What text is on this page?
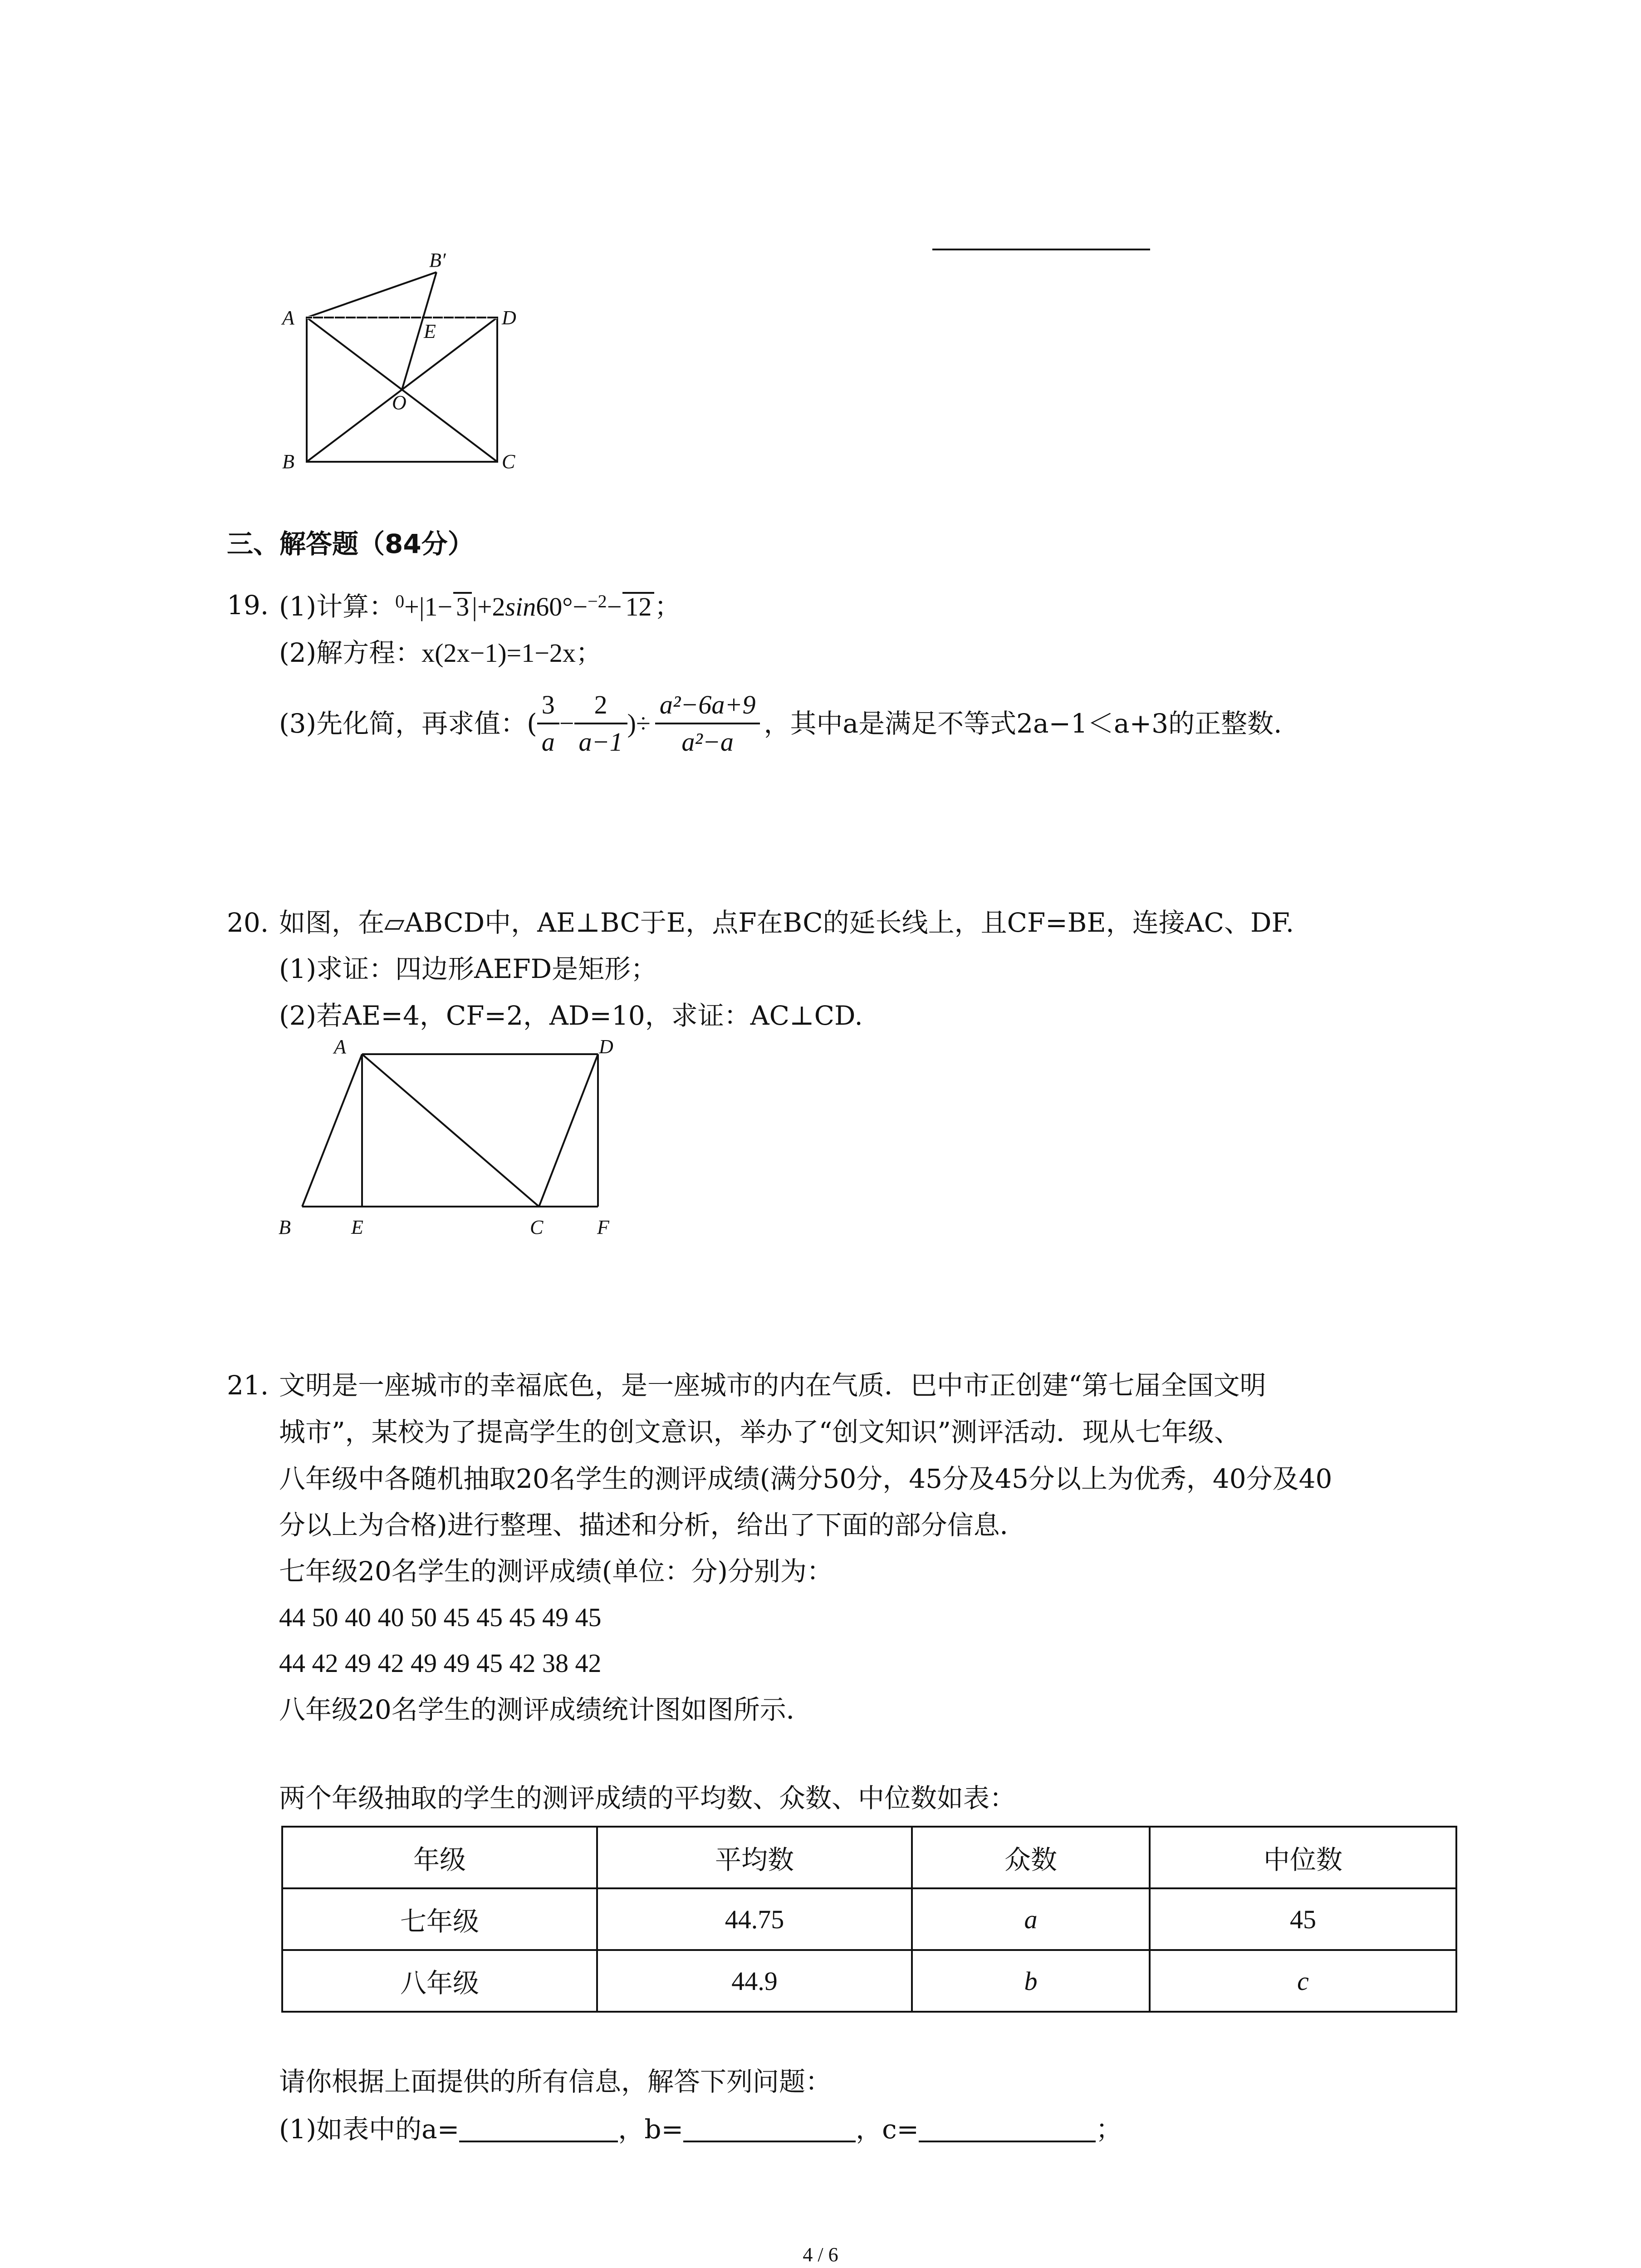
B′
A	D
E
O
B	C
三、解答题（84分）
19. (1)计算：$^0$+|1− 3 |+2sin60°−$^{-2}$− 12 ；
(2)解方程：x(2x−1)=1−2x；
(3)先化简，再求值：( $\frac{3}{a} - \frac{2}{a-1}$ )÷ $\frac{\text{a²−6a+9}}{\text{a²−a}}$ ，其中a是满足不等式2a−1＜a+3的正整数.
20. 如图，在▱ABCD中，AE⊥BC于E，点F在BC的延长线上，且CF=BE，连接AC、DF.
(1)求证：四边形AEFD是矩形；
(2)若AE=4，CF=2，AD=10，求证：AC⊥CD.
A	D
B	E	C	F
21. 文明是一座城市的幸福底色，是一座城市的内在气质．巴中市正创建“第七届全国文明
城市”，某校为了提高学生的创文意识，举办了“创文知识”测评活动．现从七年级、
八年级中各随机抽取20名学生的测评成绩(满分50分，45分及45分以上为优秀，40分及40
分以上为合格)进行整理、描述和分析，给出了下面的部分信息．
七年级20名学生的测评成绩(单位：分)分别为：
44 50 40 40 50 45 45 45 49 45
44 42 49 42 49 49 45 42 38 42
八年级20名学生的测评成绩统计图如图所示．
两个年级抽取的学生的测评成绩的平均数、众数、中位数如表：
年级	平均数	众数	中位数
七年级	44.75	a	45
八年级	44.9	b	c
请你根据上面提供的所有信息，解答下列问题：
(1)如表中的a=	，b=	，c=	；
4 / 6
